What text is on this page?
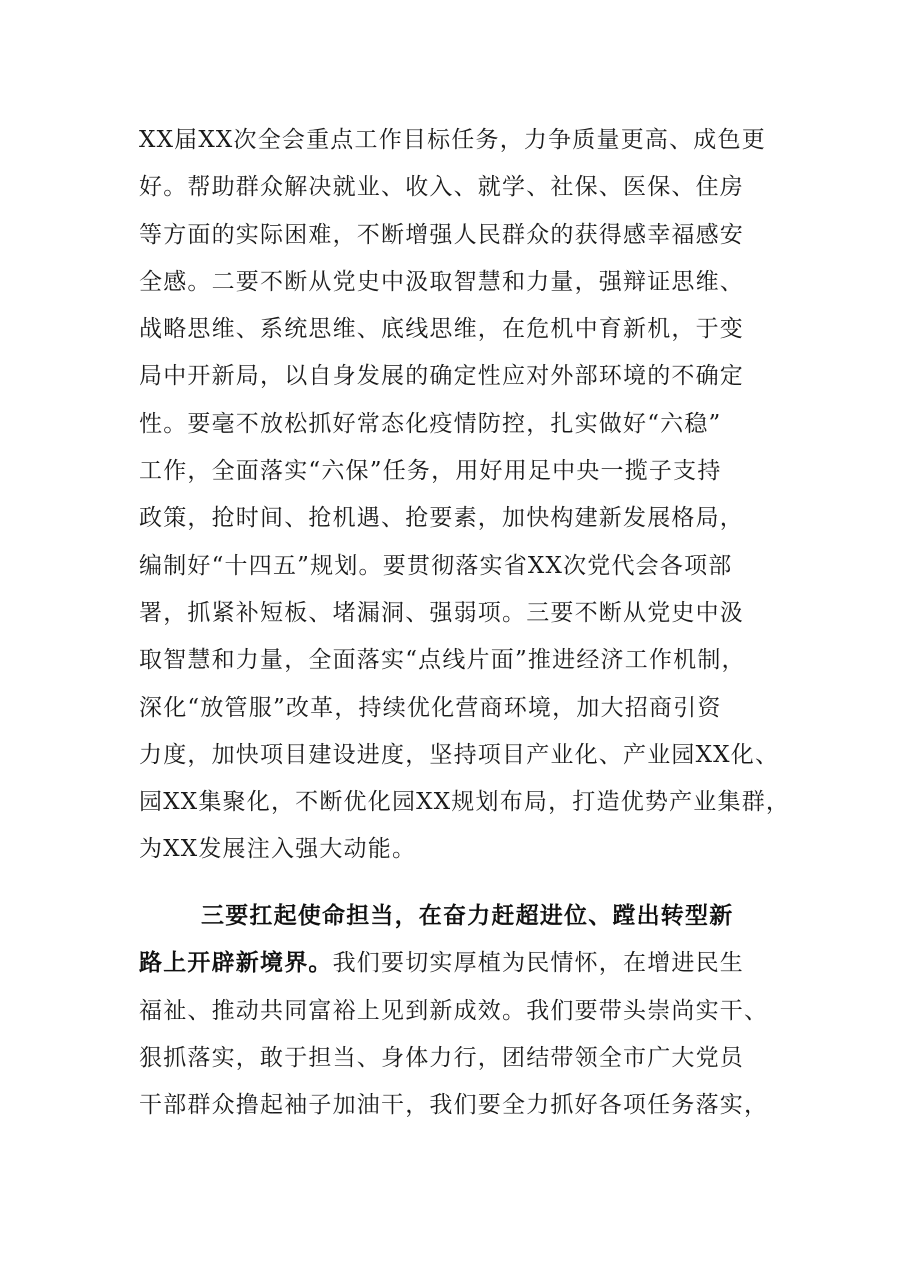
XX届XX次全会重点工作目标任务，力争质量更高、成色更
好。帮助群众解决就业、收入、就学、社保、医保、住房
等方面的实际困难，不断增强人民群众的获得感幸福感安
全感。二要不断从党史中汲取智慧和力量，强辩证思维、
战略思维、系统思维、底线思维，在危机中育新机，于变
局中开新局，以自身发展的确定性应对外部环境的不确定
性。要毫不放松抓好常态化疫情防控，扎实做好“六稳”
工作，全面落实“六保”任务，用好用足中央一揽子支持
政策，抢时间、抢机遇、抢要素，加快构建新发展格局，
编制好“十四五”规划。要贯彻落实省XX次党代会各项部
署，抓紧补短板、堵漏洞、强弱项。三要不断从党史中汲
取智慧和力量，全面落实“点线片面”推进经济工作机制，
深化“放管服”改革，持续优化营商环境，加大招商引资
力度，加快项目建设进度，坚持项目产业化、产业园XX化、
园XX集聚化，不断优化园XX规划布局，打造优势产业集群，
为XX发展注入强大动能。
三要扛起使命担当，在奋力赶超进位、蹚出转型新
路上开辟新境界。我们要切实厚植为民情怀，在增进民生
福祉、推动共同富裕上见到新成效。我们要带头崇尚实干、
狠抓落实，敢于担当、身体力行，团结带领全市广大党员
干部群众撸起袖子加油干，我们要全力抓好各项任务落实，
